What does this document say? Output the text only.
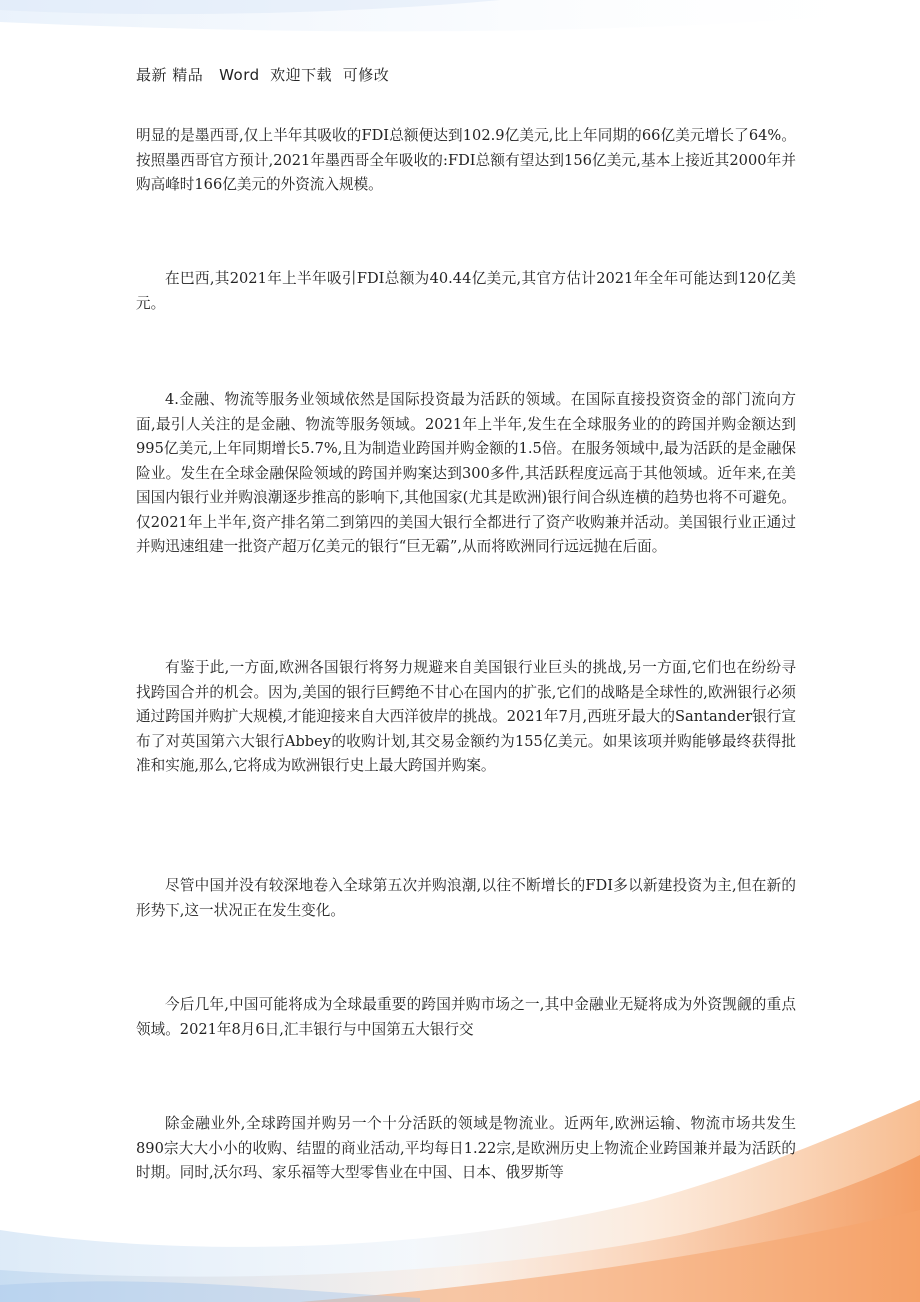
最新 精品   Word  欢迎下载  可修改

明显的是墨西哥,仅上半年其吸收的FDI总额便达到102.9亿美元,比上年同期的66亿美元增长了64%。按照墨西哥官方预计,2021年墨西哥全年吸收的:FDI总额有望达到156亿美元,基本上接近其2000年并购高峰时166亿美元的外资流入规模。

在巴西,其2021年上半年吸引FDI总额为40.44亿美元,其官方估计2021年全年可能达到120亿美元。

4.金融、物流等服务业领域依然是国际投资最为活跃的领域。在国际直接投资资金的部门流向方面,最引人关注的是金融、物流等服务领域。2021年上半年,发生在全球服务业的的跨国并购金额达到995亿美元,上年同期增长5.7%,且为制造业跨国并购金额的1.5倍。在服务领域中,最为活跃的是金融保险业。发生在全球金融保险领域的跨国并购案达到300多件,其活跃程度远高于其他领域。近年来,在美国国内银行业并购浪潮逐步推高的影响下,其他国家(尤其是欧洲)银行间合纵连横的趋势也将不可避免。仅2021年上半年,资产排名第二到第四的美国大银行全都进行了资产收购兼并活动。美国银行业正通过并购迅速组建一批资产超万亿美元的银行“巨无霸”,从而将欧洲同行远远抛在后面。

有鉴于此,一方面,欧洲各国银行将努力规避来自美国银行业巨头的挑战,另一方面,它们也在纷纷寻找跨国合并的机会。因为,美国的银行巨鳄绝不甘心在国内的扩张,它们的战略是全球性的,欧洲银行必须通过跨国并购扩大规模,才能迎接来自大西洋彼岸的挑战。2021年7月,西班牙最大的Santander银行宣布了对英国第六大银行Abbey的收购计划,其交易金额约为155亿美元。如果该项并购能够最终获得批准和实施,那么,它将成为欧洲银行史上最大跨国并购案。

尽管中国并没有较深地卷入全球第五次并购浪潮,以往不断增长的FDI多以新建投资为主,但在新的形势下,这一状况正在发生变化。

今后几年,中国可能将成为全球最重要的跨国并购市场之一,其中金融业无疑将成为外资觊觎的重点领域。2021年8月6日,汇丰银行与中国第五大银行交

除金融业外,全球跨国并购另一个十分活跃的领域是物流业。近两年,欧洲运输、物流市场共发生890宗大大小小的收购、结盟的商业活动,平均每日1.22宗,是欧洲历史上物流企业跨国兼并最为活跃的时期。同时,沃尔玛、家乐福等大型零售业在中国、日本、俄罗斯等
